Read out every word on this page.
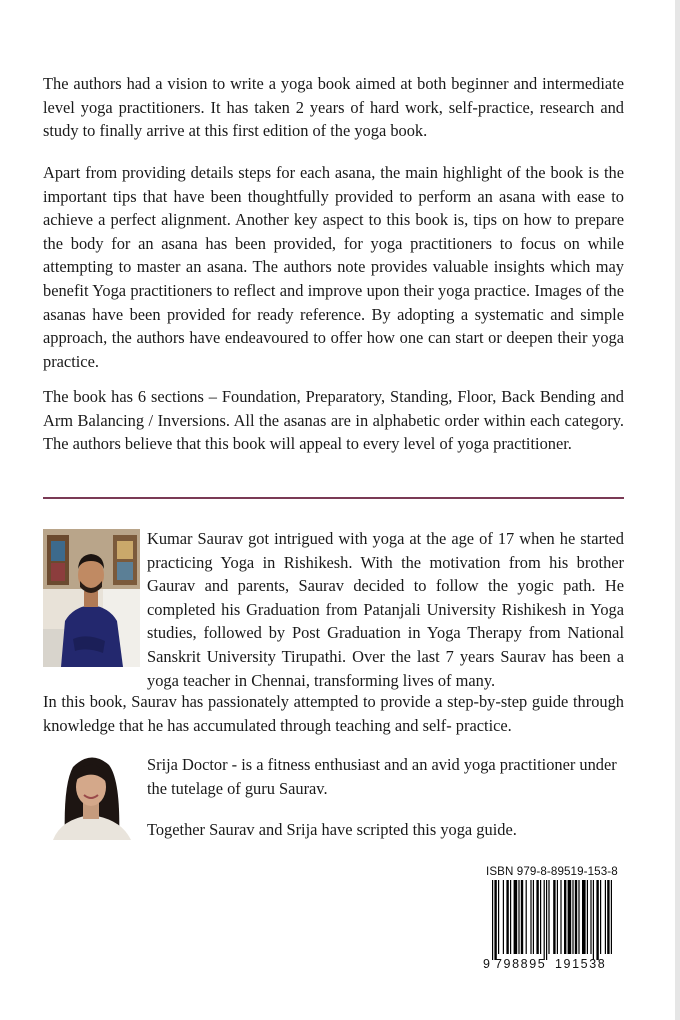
The authors had a vision to write a yoga book aimed at both beginner and intermediate level yoga practitioners. It has taken 2 years of hard work, self-practice, research and study to finally arrive at this first edition of the yoga book.

Apart from providing details steps for each asana, the main highlight of the book is the important tips that have been thoughtfully provided to perform an asana with ease to achieve a perfect alignment. Another key aspect to this book is, tips on how to prepare the body for an asana has been provided, for yoga practitioners to focus on while attempting to master an asana. The authors note provides valuable insights which may benefit Yoga practitioners to reflect and improve upon their yoga practice. Images of the asanas have been provided for ready reference. By adopting a systematic and simple approach, the authors have endeavoured to offer how one can start or deepen their yoga practice.

The book has 6 sections – Foundation, Preparatory, Standing, Floor, Back Bending and Arm Balancing / Inversions. All the asanas are in alphabetic order within each category. The authors believe that this book will appeal to every level of yoga practitioner.

Kumar Saurav got intrigued with yoga at the age of 17 when he started practicing Yoga in Rishikesh. With the motivation from his brother Gaurav and parents, Saurav decided to follow the yogic path. He completed his Graduation from Patanjali University Rishikesh in Yoga studies, followed by Post Graduation in Yoga Therapy from National Sanskrit University Tirupathi. Over the last 7 years Saurav has been a yoga teacher in Chennai, transforming lives of many.

In this book, Saurav has passionately attempted to provide a step-by-step guide through knowledge that he has accumulated through teaching and self- practice.

Srija Doctor - is a fitness enthusiast and an avid yoga practitioner under the tutelage of guru Saurav.

Together Saurav and Srija have scripted this yoga guide.

ISBN 979-8-89519-153-8
9 798895 191538
